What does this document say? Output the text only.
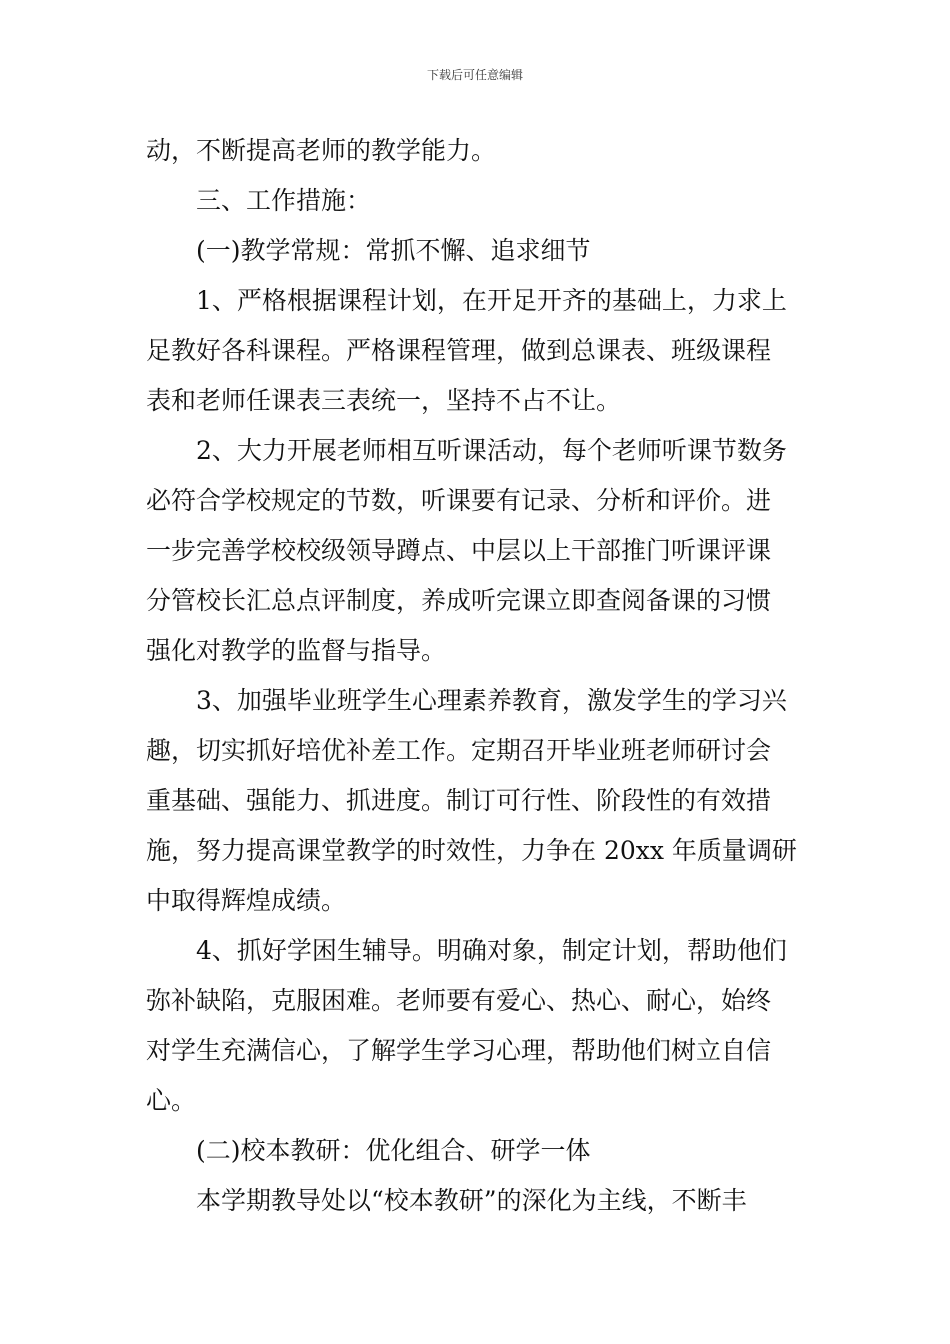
下载后可任意编辑
动，不断提高老师的教学能力。
三、工作措施：
(一)教学常规：常抓不懈、追求细节
1、严格根据课程计划，在开足开齐的基础上，力求上
足教好各科课程。严格课程管理，做到总课表、班级课程
表和老师任课表三表统一，坚持不占不让。
2、大力开展老师相互听课活动，每个老师听课节数务
必符合学校规定的节数，听课要有记录、分析和评价。进
一步完善学校校级领导蹲点、中层以上干部推门听课评课
分管校长汇总点评制度，养成听完课立即查阅备课的习惯
强化对教学的监督与指导。
3、加强毕业班学生心理素养教育，激发学生的学习兴
趣，切实抓好培优补差工作。定期召开毕业班老师研讨会
重基础、强能力、抓进度。制订可行性、阶段性的有效措
施，努力提高课堂教学的时效性，力争在 20xx 年质量调研
中取得辉煌成绩。
4、抓好学困生辅导。明确对象，制定计划，帮助他们
弥补缺陷，克服困难。老师要有爱心、热心、耐心，始终
对学生充满信心，了解学生学习心理，帮助他们树立自信
心。
(二)校本教研：优化组合、研学一体
本学期教导处以“校本教研”的深化为主线，不断丰
